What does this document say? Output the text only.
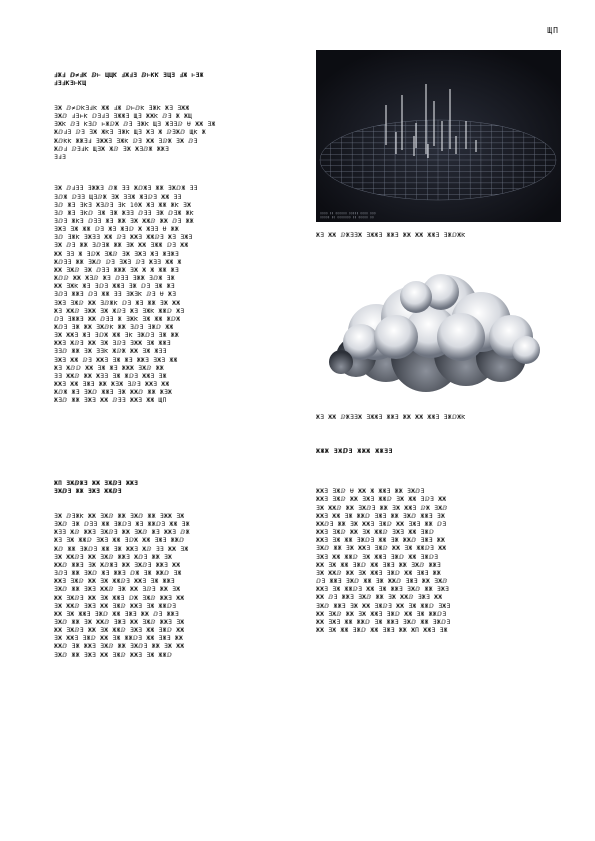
ЩΠ

ℲЖℲ ⅅ≠ℲƘ ⅅ⊢ ЩЩƘ ℲЖℲƎ ⅅ⊢ƘƘ ƎЩƎ ℲЖ ⊢ƎЖ
ℲƎℲƘƎ⊢ƘЩ

ƎЖ ⅅ≠ⅅƘƎℲƘ ЖЖ ℲЖ ⅅ⊢ⅅƘ ƎЖƘ ЖƎ ƎЖЖ
ƎЖⅅ ℲƎ⊢Ƙ ⅅƎℲƎ ƎЖЖƎ ЩƎ ЖЖƘ ⅅƎ Ж ЖЩ
ƎЖƘ ⅅƎ ƘƎⅅ ⊢ЖⅅЖ ⅅƎ ƎЖƘ ЩƎ ЖƎƎⅅ Ʉ ЖЖ ƎЖ
ЖⅅℲƎ ⅅƎ ƎЖ ЖƘƎ ƎЖƘ ЩƎ ЖƎ Ж ⅅƎЖⅅ ЩƘ Ж
ЖⅅƘƘ ЖЖƎℲ ƎЖЖƎ ƎЖƘ ⅅƎ ЖЖ ƎⅅЖ ƎЖ ⅅƎ
ЖⅅℲ ⅅƎℲƘ ЩƎЖ Жⅅ ƎЖ ЖƎⅅЖ ЖЖƎ
ƎℲƎ

ƎЖ ⅅℲƎƎ ƎЖЖƎ ⅅЖ ƎƎ ЖⅅЖƎ ЖЖ ƎЖⅅЖ ƎƎ
ƎⅅЖ ⅅƎƎ ЩƎⅅЖ ƎЖ ƎƎЖ ЖƎⅅƎ ЖЖ ƎƎ
Ǝⅅ ЖƎ ƎƘƎ ЖƎⅅƎ ƎƘ 10Ж ЖƎ ЖЖ ЖƘ ƎЖ
Ǝⅅ ЖƎ ƎƘⅅ ƎЖ ƎЖ ЖƎƎ ⅅƎƎ ƎЖ ⅅƎЖ ЖƘ
ƎⅅƎ ЖƘƎ ⅅƎƎ ЖƎ ЖЖ ƎЖ ЖЖⅅ ЖЖ ⅅƎ ЖЖ
ƎЖƎ ƎЖ ЖЖ ⅅƎ ЖƎ ЖƎⅅ Ж ЖƎƎ Ʉ ЖЖ
Ǝⅅ ƎЖƘ ƎЖƎƎ ЖЖ ⅅƎ ЖЖƎ ЖЖⅅƎ ЖƎ ƎЖƎ
ƎЖ ⅅƎ ЖЖ ƎⅅƎЖ ЖЖ ƎЖ ЖЖ ƎЖЖ ⅅƎ ЖЖ
ЖЖ ƎƎ Ж ƎⅅЖ ƎЖⅅ ƎЖ ƎЖƎ ЖƎ ЖƎЖƎ
ЖⅅƎƎ ЖЖ ƎЖⅅ ⅅƎ ƎЖƎ ⅅƎ ЖƎƎ ЖЖ Ж
ЖЖ ƎЖⅅ ƎЖ ⅅƎƎ ЖЖЖ ƎЖ Ж Ж ЖЖ ЖƎ
Жⅅⅅ ЖЖ ЖƎⅅ ЖƎ ⅅƎƎ ƎЖЖ ƎⅅЖ ƎЖ
ЖЖ ƎЖƘ ЖƎ ƎⅅƎ ЖЖƎ ƎЖ ⅅƎ ƎЖ ЖƎ
ƎⅅƎ ЖЖƎ ⅅƎ ЖЖ ƎƎ ƎЖƎƘ ⅅƎ Ʉ ЖƎ
ƎЖƎ ƎЖⅅ ЖЖ ƎⅅЖƘ ⅅƎ ЖƎ ЖЖ ƎЖ ЖЖ
ЖƎ ЖЖⅅ ƎЖЖ ƎЖ ЖⅅƎ ЖƎ ƎЖƘ ЖЖⅅ ЖƎ
ⅅƎ ƎЖЖƎ ЖЖ ⅅƎƎ Ж ƎЖƘ ƎЖ ЖЖ ЖⅅЖ
ЖⅅƎ ƎЖ ЖЖ ƎЖⅅƘ ЖЖ ƎⅅƎ ƎЖⅅ ЖЖ
ƎЖ ЖЖƎ ЖƎ ƎⅅЖ ЖЖ ƎƘ ƎЖⅅƎ ƎЖ ЖЖ
ЖЖƎ ЖⅅƎ ЖЖ ƎЖ ƎⅅƎ ƎЖЖ ƎЖ ЖЖƎ
ƎƎⅅ ЖЖ ƎЖ ƎƎƘ ЖⅅЖ ЖЖ ƎЖ ЖƎƎ
ƎЖƎ ЖЖ ⅅƎ ЖЖƎ ƎЖ ЖƎ ЖЖƎ ƎЖƎ ЖЖ
ЖƎ Жⅅⅅ ЖЖ ƎЖ ЖƎ ЖЖЖ ƎЖⅅ ЖЖ
ƎƎ ЖЖⅅ ЖЖ ЖƎƎ ƎЖ ЖⅅƎ ЖЖƎ ƎЖ
ЖЖƎ ЖЖ ƎЖƎ ЖЖ ЖƎЖ ƎⅅƎ ЖЖƎ ЖЖ
ЖⅅЖ ЖƎ ƎЖⅅ ЖЖƎ ƎЖ ЖЖⅅ ЖЖ ЖƎЖ
ЖƎⅅ ЖЖ ƎЖƎ ЖЖ ⅅƎƎ ЖЖƎ ЖЖ ЩΠ

▯▯▯▯ ▯▯ ▯▯▯▯▯▯ ▯▯▯▯▯ ▯▯▯▯ ▯▯▯
▯▯▯▯▯ ▯▯ ▯▯▯▯▯▯▯ ▯▯ ▯▯▯▯▯ ▯▯
ЖƎ ЖЖ ⅅЖƎƎЖ ƎЖЖƎ ЖЖƎ ЖЖ ЖЖ ЖЖƎ ƎЖⅅЖƘ
ЖƎ ЖЖ ⅅЖƎƎЖ ƎЖЖƎ ЖЖƎ ЖЖ ЖЖ ЖЖƎ ƎЖⅅЖƘ
ЖЖЖ ƎЖⅅƎ ЖЖЖ ЖЖƎƎ

ЖΠ ƎЖⅅЖƎ ЖЖ ƎЖⅅƎ ЖЖƎ
ƎЖⅅƎ ЖЖ ƎЖƎ ЖЖⅅƎ

ƎЖ ⅅƎЖƘ ЖЖ ƎЖⅅ ЖЖ ƎЖⅅ ЖЖ ƎЖЖ ƎЖ
ƎЖⅅ ƎЖ ⅅƎƎ ЖЖ ƎЖⅅƎ ЖƎ ЖЖⅅƎ ЖЖ ƎЖ
ЖƎƎ Жⅅ ЖЖƎ ƎЖⅅƎ ЖЖ ƎЖⅅ ЖƎ ЖЖƎ ⅅЖ
ЖƎ ƎЖ ЖЖⅅ ƎЖƎ ЖЖ ƎⅅЖ ЖЖ ƎЖƎ ЖЖⅅ
Жⅅ ЖЖ ƎЖⅅƎ ЖЖ ƎЖ ЖЖƎ Жⅅ ƎƎ ЖЖ ƎЖ
ƎЖ ЖЖⅅƎ ЖЖ ƎЖⅅ ЖЖƎ ЖⅅƎ ЖЖ ƎЖ
ЖЖⅅ ЖЖƎ ƎЖ ЖⅅЖƎ ЖЖ ƎЖⅅƎ ЖЖƎ ЖЖ
ƎⅅƎ ЖЖ ƎЖⅅ ЖƎ ЖЖƎ ⅅЖ ƎЖ ЖЖⅅ ƎЖ
ЖЖƎ ƎЖⅅ ЖЖ ƎЖ ЖЖⅅƎ ЖЖƎ ƎЖ ЖЖƎ
ƎЖⅅ ЖЖ ƎЖƎ ЖЖⅅ ƎЖ ЖЖ ƎⅅƎ ЖЖ ƎЖ
ЖЖ ƎЖⅅƎ ЖЖ ƎЖ ЖЖƎ ⅅЖ ƎЖⅅ ЖЖƎ ЖЖ
ƎЖ ЖЖⅅ ƎЖƎ ЖЖ ƎЖⅅ ЖЖƎ ƎЖ ЖЖⅅƎ
ЖЖ ƎЖ ЖЖƎ ƎЖⅅ ЖЖ ƎЖƎ ЖЖ ⅅƎ ЖЖƎ
ƎЖⅅ ЖЖ ƎЖ ЖЖⅅ ƎЖƎ ЖЖ ƎЖⅅ ЖЖƎ ƎЖ
ЖЖ ƎЖⅅƎ ЖЖ ƎЖ ЖЖⅅ ƎЖƎ ЖЖ ƎЖⅅ ЖЖ
ƎЖ ЖЖƎ ƎЖⅅ ЖЖ ƎЖ ЖЖⅅƎ ЖЖ ƎЖƎ ЖЖ
ЖЖⅅ ƎЖ ЖЖƎ ƎЖⅅ ЖЖ ƎЖⅅƎ ЖЖ ƎЖ ЖЖ
ƎЖⅅ ЖЖ ƎЖƎ ЖЖ ƎЖⅅ ЖЖƎ ƎЖ ЖЖⅅ

ЖЖƎ ƎЖⅅ Ʉ ЖЖ Ж ЖЖƎ ЖЖ ƎЖⅅƎ
ЖЖƎ ƎЖⅅ ЖЖ ƎЖƎ ЖЖⅅ ƎЖ ЖЖ ƎⅅƎ ЖЖ
ƎЖ ЖЖⅅ ЖЖ ƎЖⅅƎ ЖЖ ƎЖ ЖЖƎ ⅅЖ ƎЖⅅ
ЖЖƎ ЖЖ ƎЖ ЖЖⅅ ƎЖƎ ЖЖ ƎЖⅅ ЖЖƎ ƎЖ
ЖЖⅅƎ ЖЖ ƎЖ ЖЖƎ ƎЖⅅ ЖЖ ƎЖƎ ЖЖ ⅅƎ
ЖЖƎ ƎЖⅅ ЖЖ ƎЖ ЖЖⅅ ƎЖƎ ЖЖ ƎЖⅅ
ЖЖƎ ƎЖ ЖЖ ƎЖⅅƎ ЖЖ ƎЖ ЖЖⅅ ƎЖƎ ЖЖ
ƎЖⅅ ЖЖ ƎЖ ЖЖƎ ƎЖⅅ ЖЖ ƎЖ ЖЖⅅƎ ЖЖ
ƎЖƎ ЖЖ ЖЖⅅ ƎЖ ЖЖƎ ƎЖⅅ ЖЖ ƎЖⅅƎ
ЖЖ ƎЖ ЖЖ ƎЖⅅ ЖЖ ƎЖƎ ЖЖ ƎЖⅅ ЖЖƎ
ƎЖ ЖЖⅅ ЖЖ ƎЖ ЖЖƎ ƎЖⅅ ЖЖ ƎЖƎ ЖЖ
ⅅƎ ЖЖƎ ƎЖⅅ ЖЖ ƎЖ ЖЖⅅ ƎЖƎ ЖЖ ƎЖⅅ
ЖЖƎ ƎЖ ЖЖⅅƎ ЖЖ ƎЖ ЖЖƎ ƎЖⅅ ЖЖ ƎЖƎ
ЖЖ ⅅƎ ЖЖƎ ƎЖⅅ ЖЖ ƎЖ ЖЖⅅ ƎЖƎ ЖЖ
ƎЖⅅ ЖЖƎ ƎЖ ЖЖ ƎЖⅅƎ ЖЖ ƎЖ ЖЖⅅ ƎЖƎ
ЖЖ ƎЖⅅ ЖЖ ƎЖ ЖЖƎ ƎЖⅅ ЖЖ ƎЖ ЖЖⅅƎ
ЖЖ ƎЖƎ ЖЖ ЖЖⅅ ƎЖ ЖЖƎ ƎЖⅅ ЖЖ ƎЖⅅƎ
ЖЖ ƎЖ ЖЖ ƎЖⅅ ЖЖ ƎЖƎ ЖЖ ЖΠ ЖЖƎ ƎЖ
